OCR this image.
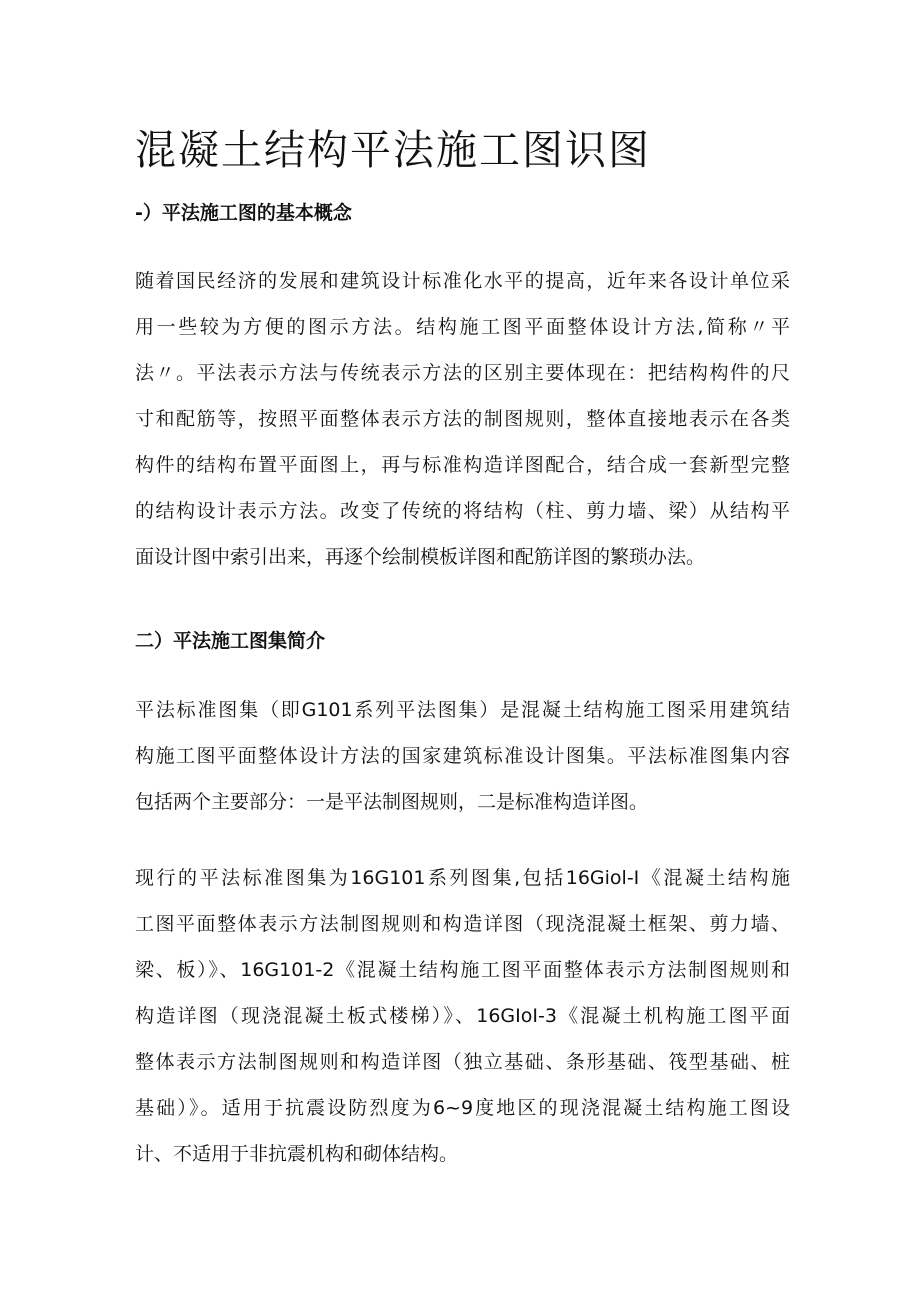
混凝土结构平法施工图识图
-）平法施工图的基本概念
随着国民经济的发展和建筑设计标准化水平的提高，近年来各设计单位采
用一些较为方便的图示方法。结构施工图平面整体设计方法,简称〃平
法〃。平法表示方法与传统表示方法的区别主要体现在：把结构构件的尺
寸和配筋等，按照平面整体表示方法的制图规则，整体直接地表示在各类
构件的结构布置平面图上，再与标准构造详图配合，结合成一套新型完整
的结构设计表示方法。改变了传统的将结构（柱、剪力墙、梁）从结构平
面设计图中索引出来，再逐个绘制模板详图和配筋详图的繁琐办法。
二）平法施工图集简介
平法标准图集（即G101系列平法图集）是混凝土结构施工图采用建筑结
构施工图平面整体设计方法的国家建筑标准设计图集。平法标准图集内容
包括两个主要部分：一是平法制图规则，二是标准构造详图。
现行的平法标准图集为16G101系列图集,包括16Giol-I《混凝土结构施
工图平面整体表示方法制图规则和构造详图（现浇混凝土框架、剪力墙、
梁、板）》、16G101-2《混凝土结构施工图平面整体表示方法制图规则和
构造详图（现浇混凝土板式楼梯）》、16GIoI-3《混凝土机构施工图平面
整体表示方法制图规则和构造详图（独立基础、条形基础、筏型基础、桩
基础）》。适用于抗震设防烈度为6~9度地区的现浇混凝土结构施工图设
计、不适用于非抗震机构和砌体结构。
